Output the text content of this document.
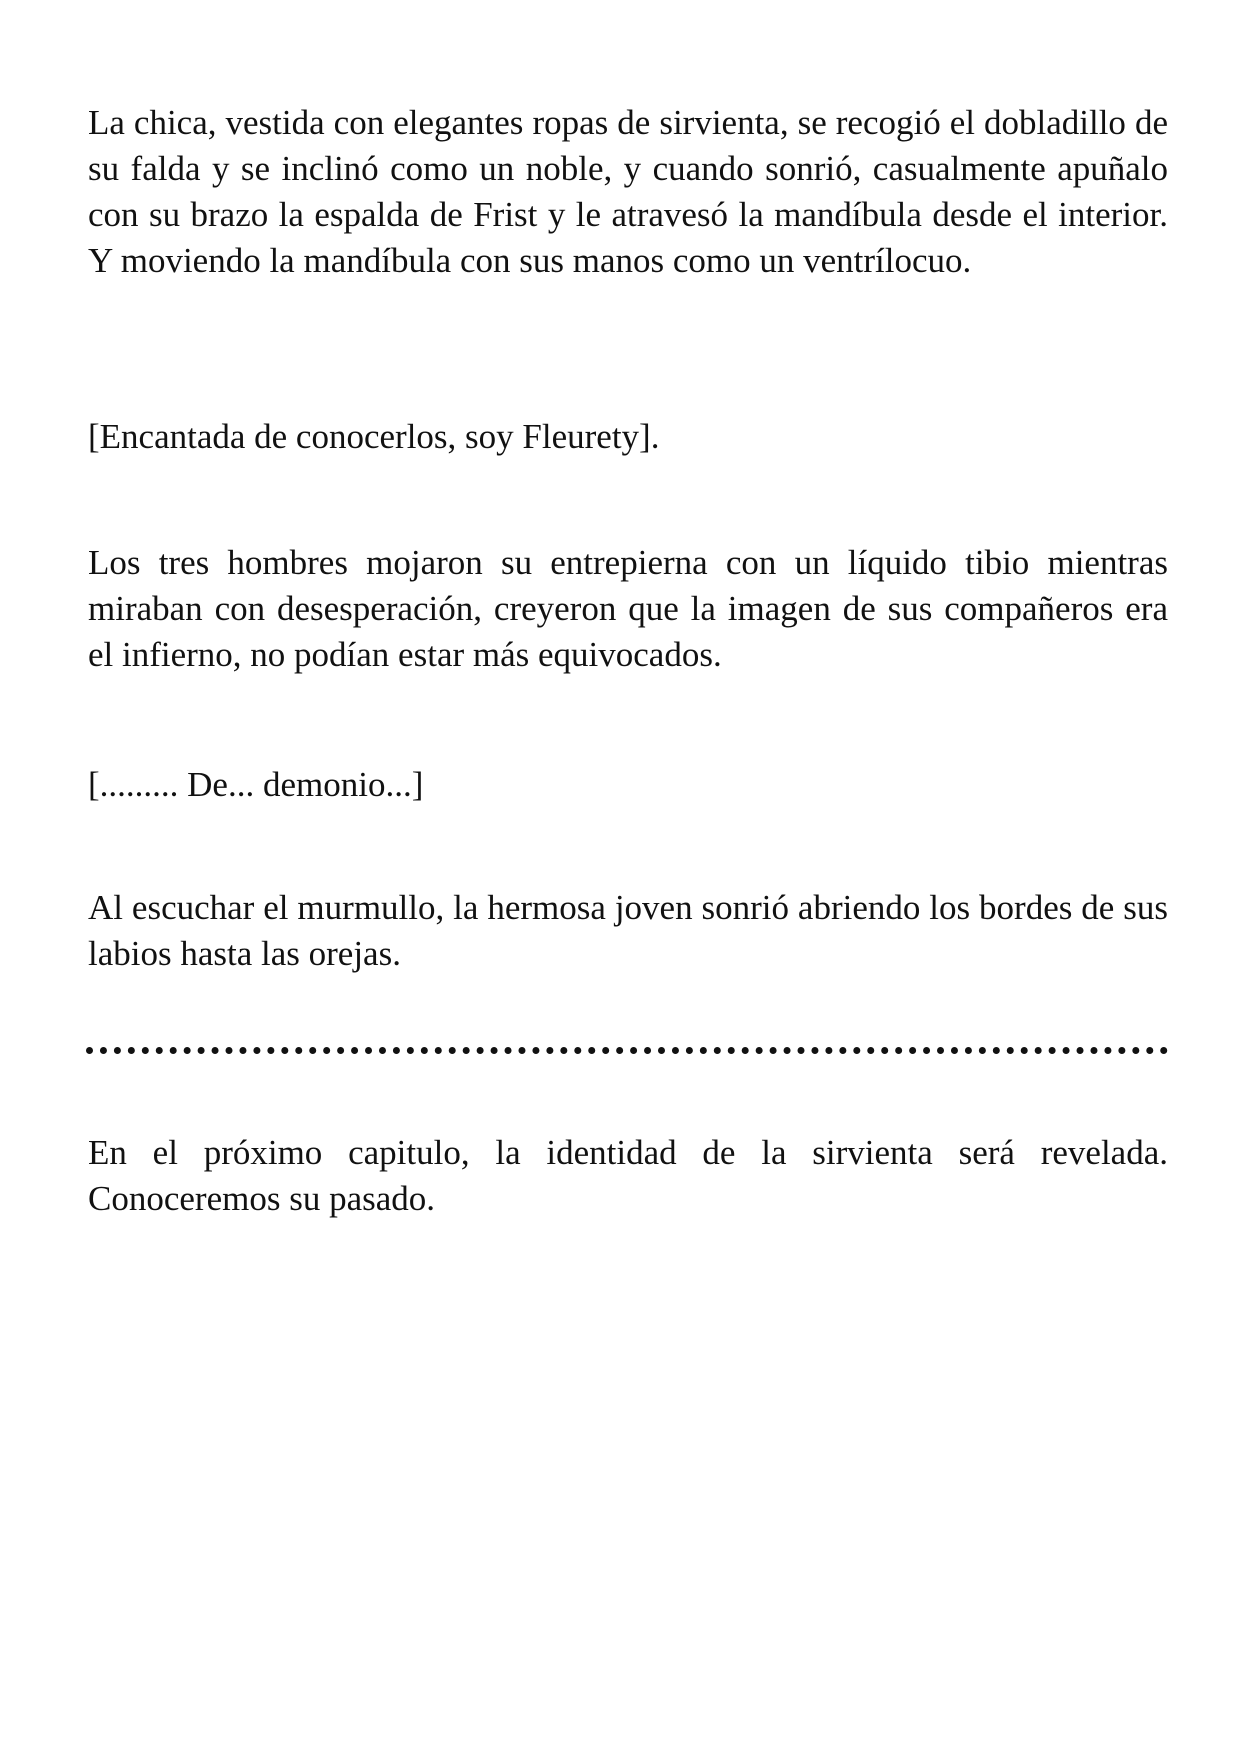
La chica, vestida con elegantes ropas de sirvienta, se recogió el dobladillo de su falda y se inclinó como un noble, y cuando sonrió, casualmente apuñalo con su brazo la espalda de Frist y le atravesó la mandíbula desde el interior. Y moviendo la mandíbula con sus manos como un ventrílocuo.

[Encantada de conocerlos, soy Fleurety].

Los tres hombres mojaron su entrepierna con un líquido tibio mientras miraban con desesperación, creyeron que la imagen de sus compañeros era el infierno, no podían estar más equivocados.

[......... De... demonio...]

Al escuchar el murmullo, la hermosa joven sonrió abriendo los bordes de sus labios hasta las orejas.

En el próximo capitulo, la identidad de la sirvienta será revelada. Conoceremos su pasado.
